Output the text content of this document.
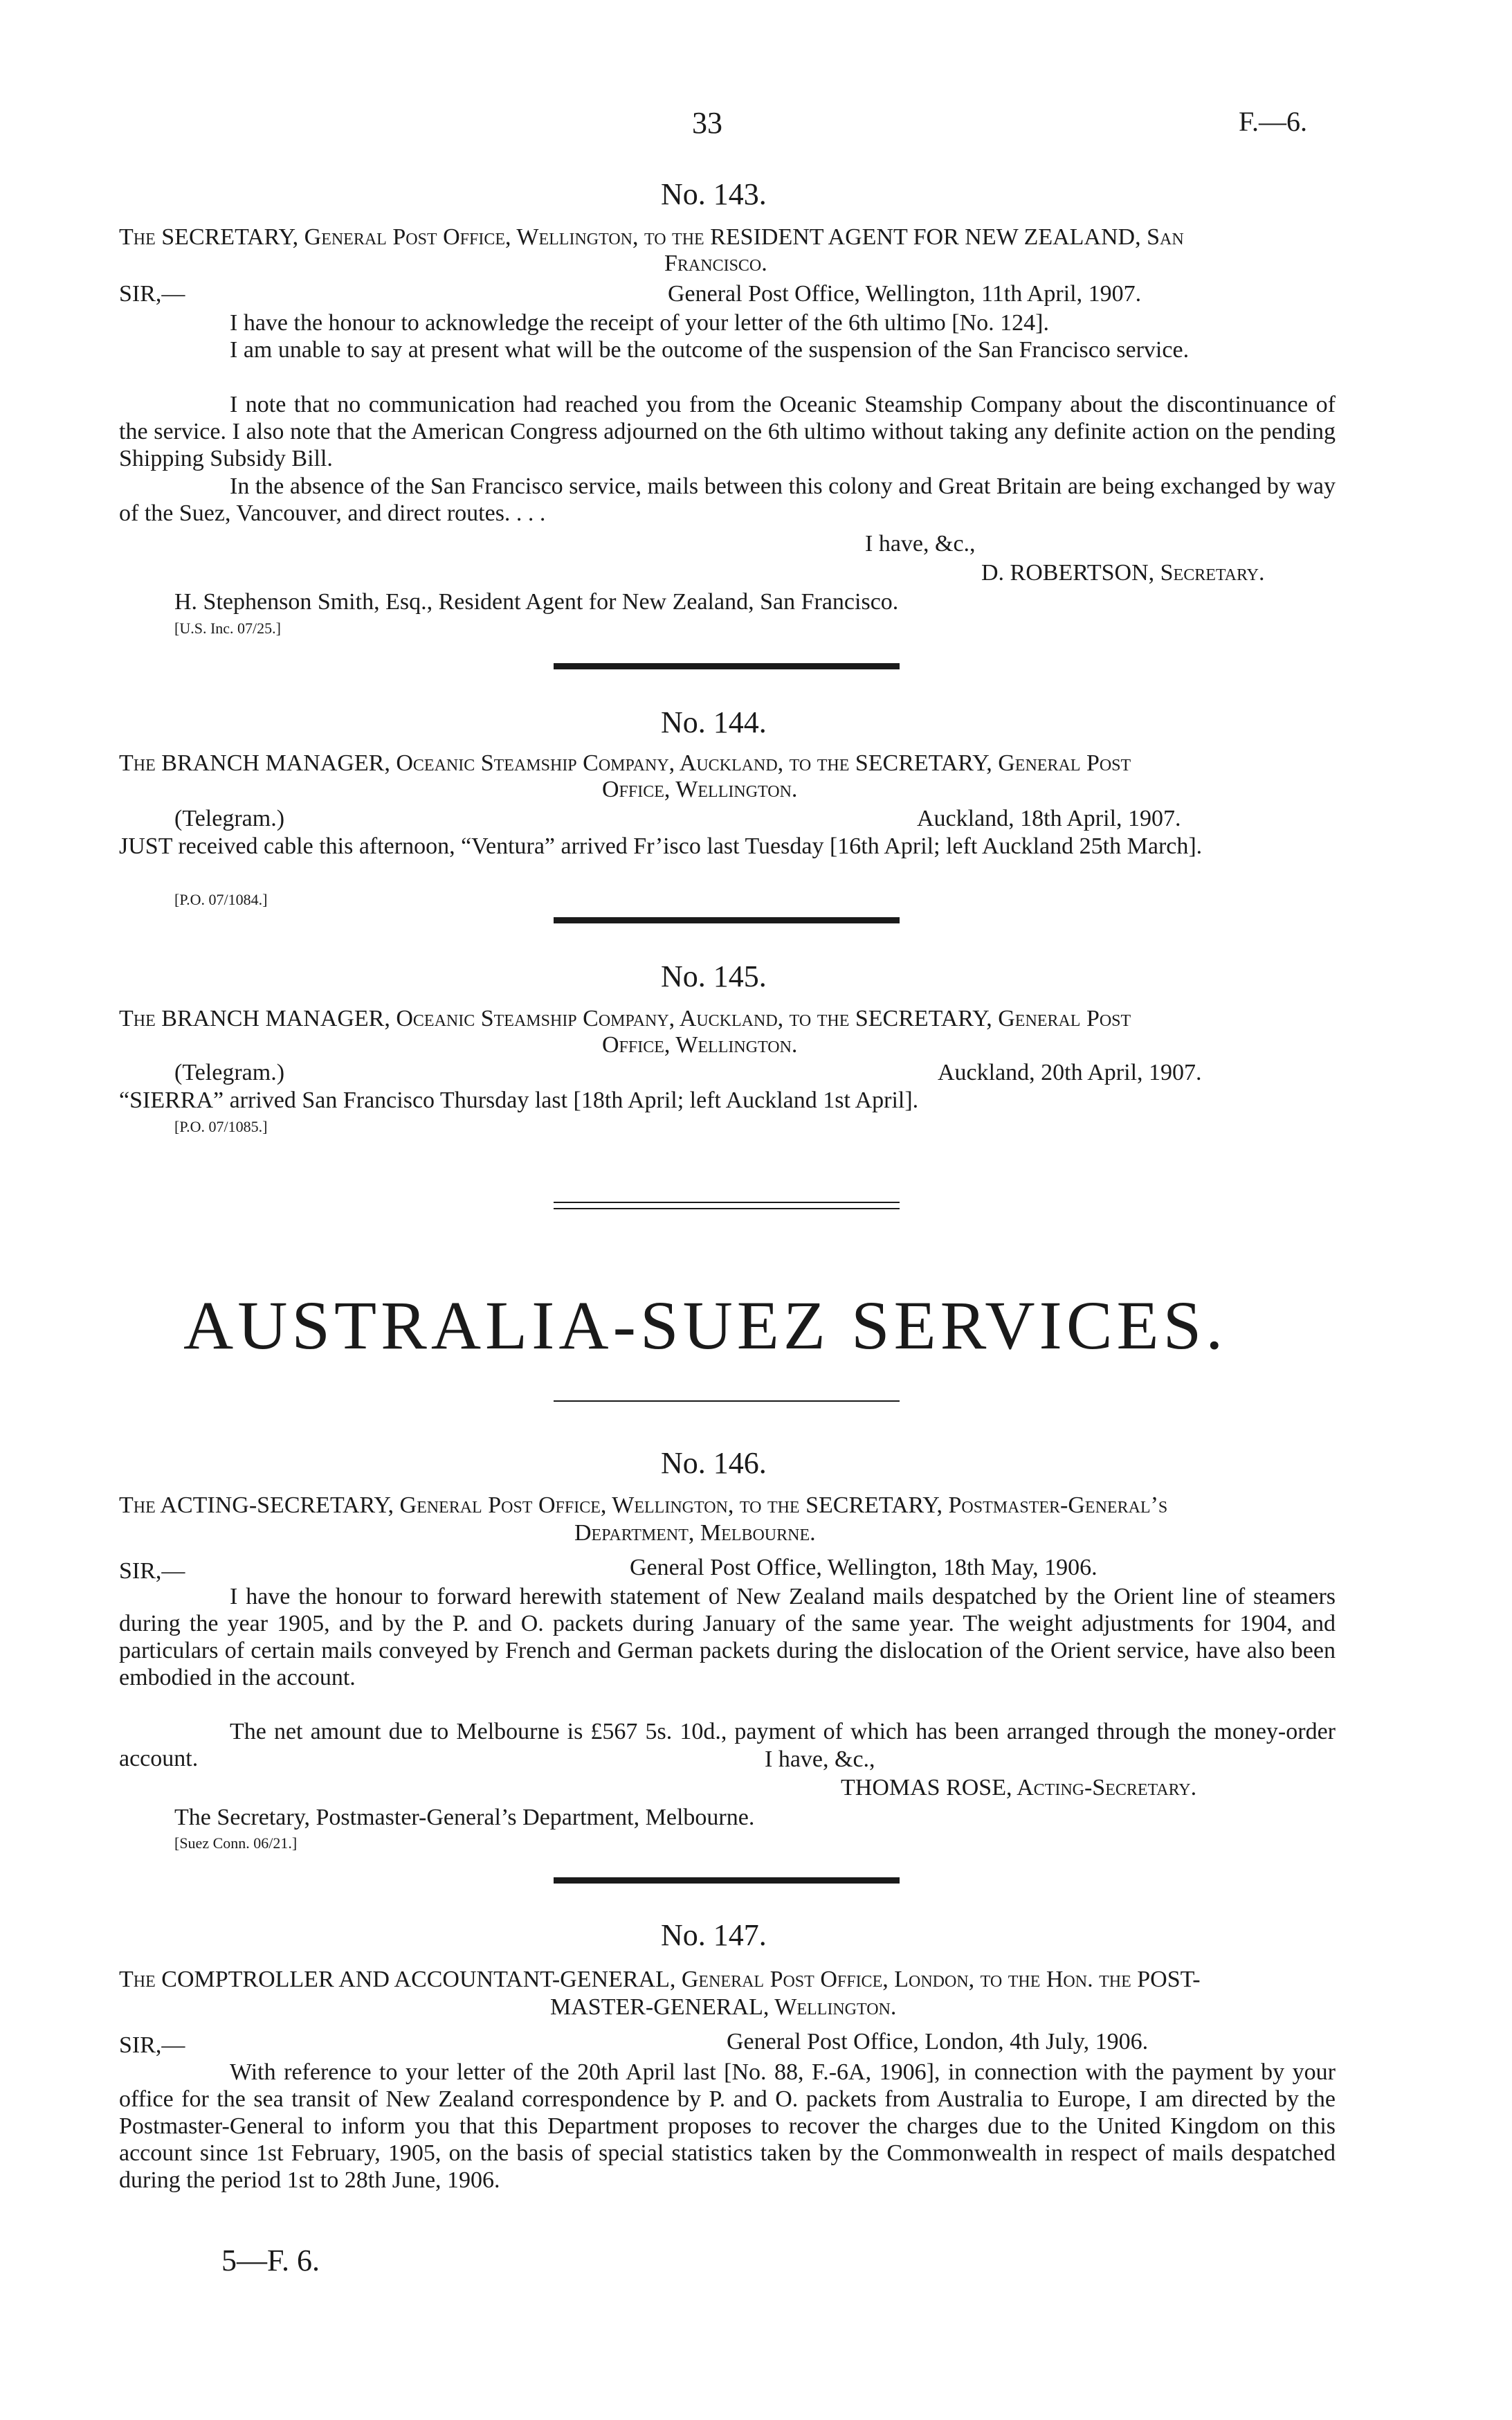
33	F.—6.
No. 143.
The SECRETARY, General Post Office, Wellington, to the RESIDENT AGENT FOR NEW ZEALAND, San
Francisco.
SIR,—	General Post Office, Wellington, 11th April, 1907.
I have the honour to acknowledge the receipt of your letter of the 6th ultimo [No. 124].
I am unable to say at present what will be the outcome of the suspension of the San Francisco service.
I note that no communication had reached you from the Oceanic Steamship Company about the discontinuance of the service. I also note that the American Congress adjourned on the 6th ultimo without taking any definite action on the pending Shipping Subsidy Bill.
In the absence of the San Francisco service, mails between this colony and Great Britain are being exchanged by way of the Suez, Vancouver, and direct routes. . . .
I have, &c.,
D. ROBERTSON, Secretary.
H. Stephenson Smith, Esq., Resident Agent for New Zealand, San Francisco.
[U.S. Inc. 07/25.]
No. 144.
The BRANCH MANAGER, Oceanic Steamship Company, Auckland, to the SECRETARY, General Post
Office, Wellington.
(Telegram.)	Auckland, 18th April, 1907.
JUST received cable this afternoon, “Ventura” arrived Fr’isco last Tuesday [16th April; left Auckland 25th March].
[P.O. 07/1084.]
No. 145.
The BRANCH MANAGER, Oceanic Steamship Company, Auckland, to the SECRETARY, General Post
Office, Wellington.
(Telegram.)	Auckland, 20th April, 1907.
“SIERRA” arrived San Francisco Thursday last [18th April; left Auckland 1st April].
[P.O. 07/1085.]
AUSTRALIA-SUEZ SERVICES.
No. 146.
The ACTING-SECRETARY, General Post Office, Wellington, to the SECRETARY, Postmaster-General’s
Department, Melbourne.
SIR,—	General Post Office, Wellington, 18th May, 1906.
I have the honour to forward herewith statement of New Zealand mails despatched by the Orient line of steamers during the year 1905, and by the P. and O. packets during January of the same year. The weight adjustments for 1904, and particulars of certain mails conveyed by French and German packets during the dislocation of the Orient service, have also been embodied in the account.
The net amount due to Melbourne is £567 5s. 10d., payment of which has been arranged through the money-order account.	I have, &c.,
THOMAS ROSE, Acting-Secretary.
The Secretary, Postmaster-General’s Department, Melbourne.
[Suez Conn. 06/21.]
No. 147.
The COMPTROLLER AND ACCOUNTANT-GENERAL, General Post Office, London, to the Hon. the POST-
MASTER-GENERAL, Wellington.
SIR,—	General Post Office, London, 4th July, 1906.
With reference to your letter of the 20th April last [No. 88, F.-6A, 1906], in connection with the payment by your office for the sea transit of New Zealand correspondence by P. and O. packets from Australia to Europe, I am directed by the Postmaster-General to inform you that this Department proposes to recover the charges due to the United Kingdom on this account since 1st February, 1905, on the basis of special statistics taken by the Commonwealth in respect of mails despatched during the period 1st to 28th June, 1906.
5—F. 6.
